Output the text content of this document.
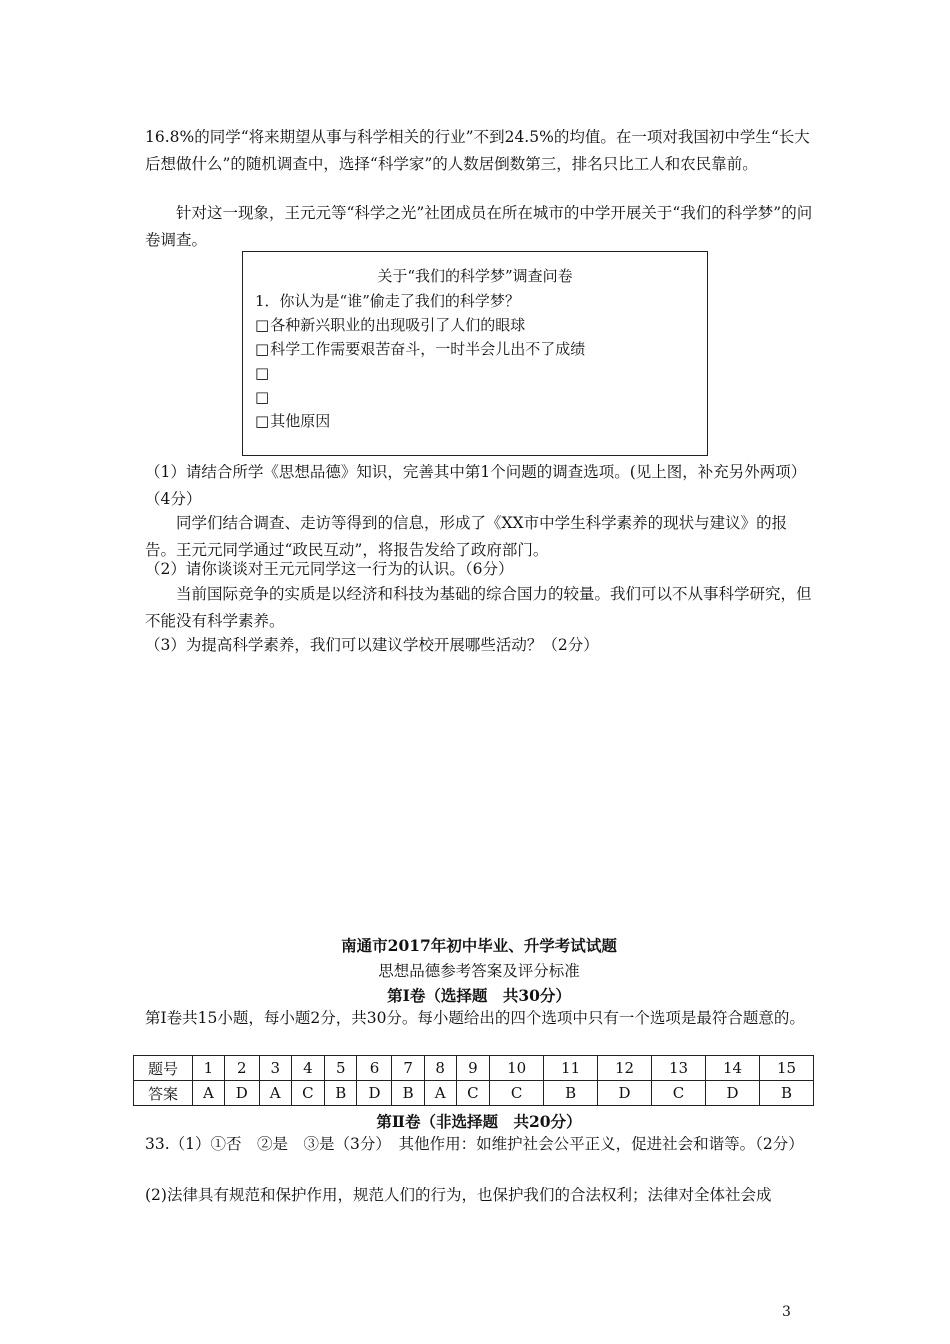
16.8%的同学“将来期望从事与科学相关的行业”不到24.5%的均值。在一项对我国初中学生“长大后想做什么”的随机调查中，选择“科学家”的人数居倒数第三，排名只比工人和农民靠前。
针对这一现象，王元元等“科学之光”社团成员在所在城市的中学开展关于“我们的科学梦”的问卷调查。
关于“我们的科学梦”调查问卷
1．你认为是“谁”偷走了我们的科学梦？
□ 各种新兴职业的出现吸引了人们的眼球
□ 科学工作需要艰苦奋斗，一时半会儿出不了成绩
□
□
□ 其他原因
（1）请结合所学《思想品德》知识，完善其中第1个问题的调查选项。(见上图，补充另外两项）（4分）
同学们结合调查、走访等得到的信息，形成了《XX市中学生科学素养的现状与建议》的报告。王元元同学通过“政民互动”，将报告发给了政府部门。
（2）请你谈谈对王元元同学这一行为的认识。（6分）
当前国际竞争的实质是以经济和科技为基础的综合国力的较量。我们可以不从事科学研究，但不能没有科学素养。
（3）为提高科学素养，我们可以建议学校开展哪些活动？（2分）
南通市2017年初中毕业、升学考试试题
思想品德参考答案及评分标准
第Ⅰ卷（选择题　共30分）
第Ⅰ卷共15小题，每小题2分，共30分。每小题给出的四个选项中只有一个选项是最符合题意的。
题号	1	2	3	4	5	6	7	8	9	10	11	12	13	14	15
答案	A	D	A	C	B	D	B	A	C	C	B	D	C	D	B
第Ⅱ卷（非选择题　共20分）
33.（1）①否　②是　③是（3分）　其他作用：如维护社会公平正义，促进社会和谐等。（2分）
(2)法律具有规范和保护作用，规范人们的行为，也保护我们的合法权利；法律对全体社会成
3
